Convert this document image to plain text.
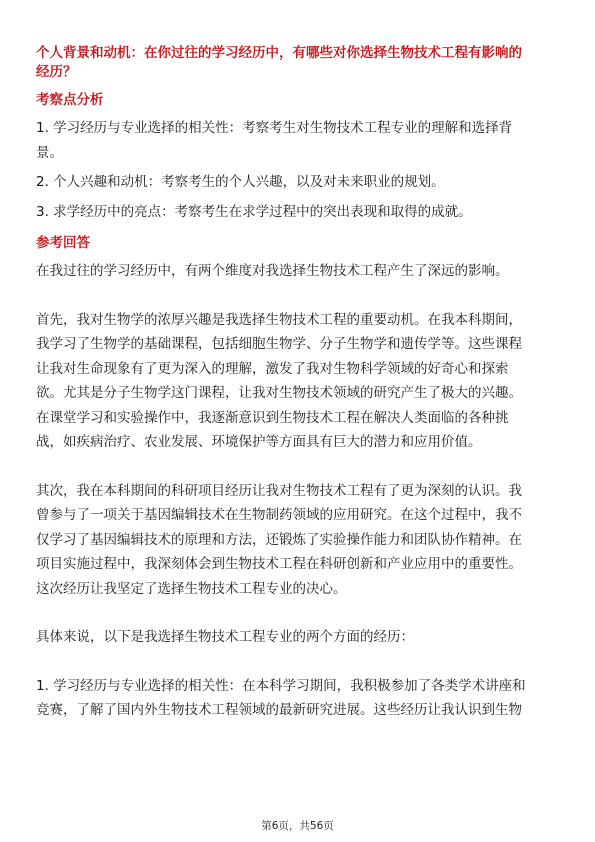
个人背景和动机：在你过往的学习经历中，有哪些对你选择生物技术工程有影响的
经历？
考察点分析

1. 学习经历与专业选择的相关性：考察考生对生物技术工程专业的理解和选择背
景。

2. 个人兴趣和动机：考察考生的个人兴趣，以及对未来职业的规划。

3. 求学经历中的亮点：考察考生在求学过程中的突出表现和取得的成就。

参考回答

在我过往的学习经历中，有两个维度对我选择生物技术工程产生了深远的影响。

首先，我对生物学的浓厚兴趣是我选择生物技术工程的重要动机。在我本科期间，
我学习了生物学的基础课程，包括细胞生物学、分子生物学和遗传学等。这些课程
让我对生命现象有了更为深入的理解，激发了我对生物科学领域的好奇心和探索
欲。尤其是分子生物学这门课程，让我对生物技术领域的研究产生了极大的兴趣。
在课堂学习和实验操作中，我逐渐意识到生物技术工程在解决人类面临的各种挑
战，如疾病治疗、农业发展、环境保护等方面具有巨大的潜力和应用价值。

其次，我在本科期间的科研项目经历让我对生物技术工程有了更为深刻的认识。我
曾参与了一项关于基因编辑技术在生物制药领域的应用研究。在这个过程中，我不
仅学习了基因编辑技术的原理和方法，还锻炼了实验操作能力和团队协作精神。在
项目实施过程中，我深刻体会到生物技术工程在科研创新和产业应用中的重要性。
这次经历让我坚定了选择生物技术工程专业的决心。

具体来说，以下是我选择生物技术工程专业的两个方面的经历：

1. 学习经历与专业选择的相关性：在本科学习期间，我积极参加了各类学术讲座和
竞赛，了解了国内外生物技术工程领域的最新研究进展。这些经历让我认识到生物

第6页，共56页
